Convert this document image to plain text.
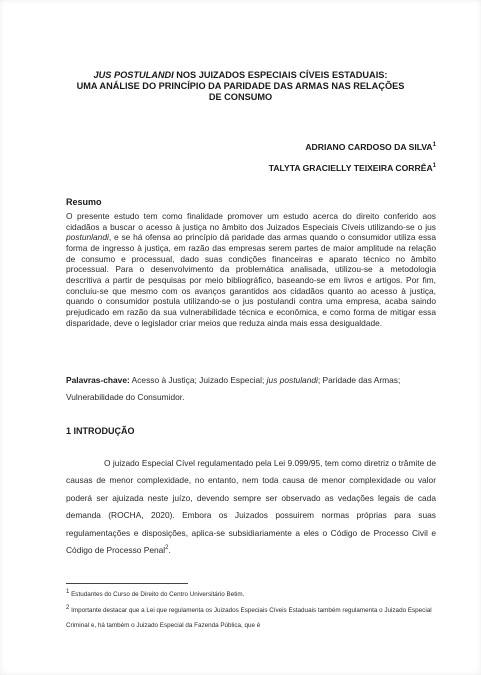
JUS POSTULANDI NOS JUIZADOS ESPECIAIS CÍVEIS ESTADUAIS:
UMA ANÁLISE DO PRINCÍPIO DA PARIDADE DAS ARMAS NAS RELAÇÕES
DE CONSUMO
ADRIANO CARDOSO DA SILVA$^1$
TALYTA GRACIELLY TEIXEIRA CORRÊA$^1$
Resumo

O presente estudo tem como finalidade promover um estudo acerca do direito conferido aos cidadãos a buscar o acesso à justiça no âmbito dos Juizados Especiais Cíveis utilizando-se o jus postunlandi, e se há ofensa ao princípio dá paridade das armas quando o consumidor utiliza essa forma de ingresso à justiça, em razão das empresas serem partes de maior amplitude na relação de consumo e processual, dado suas condições financeiras e aparato técnico no âmbito processual. Para o desenvolvimento da problemática analisada, utilizou-se a metodologia descritiva a partir de pesquisas por meio bibliográfico, baseando-se em livros e artigos. Por fim, concluiu-se que mesmo com os avanços garantidos aos cidadãos quanto ao acesso à justiça, quando o consumidor postula utilizando-se o jus postulandi contra uma empresa, acaba saindo prejudicado em razão da sua vulnerabilidade técnica e econômica, e como forma de mitigar essa disparidade, deve o legislador criar meios que reduza ainda mais essa desigualdade.

Palavras-chave: Acesso à Justiça; Juizado Especial; jus postulandi; Paridade das Armas; Vulnerabilidade do Consumidor.
1 INTRODUÇÃO

O juizado Especial Cível regulamentado pela Lei 9.099/95, tem como diretriz o trâmite de causas de menor complexidade, no entanto, nem toda causa de menor complexidade ou valor poderá ser ajuizada neste juízo, devendo sempre ser observado as vedações legais de cada demanda (ROCHA, 2020). Embora os Juizados possuirem normas próprias para suas regulamentações e disposições, aplica-se subsidiariamente a eles o Código de Processo Civil e Código de Processo Penal$^2$.

1 Estudantes do Curso de Direito do Centro Universitário Betim.
2 Importante destacar que a Lei que regulamenta os Juizados Especiais Cíveis Estaduais também regulamenta o Juizado Especial Criminal e, há também o Juizado Especial da Fazenda Pública, que é
